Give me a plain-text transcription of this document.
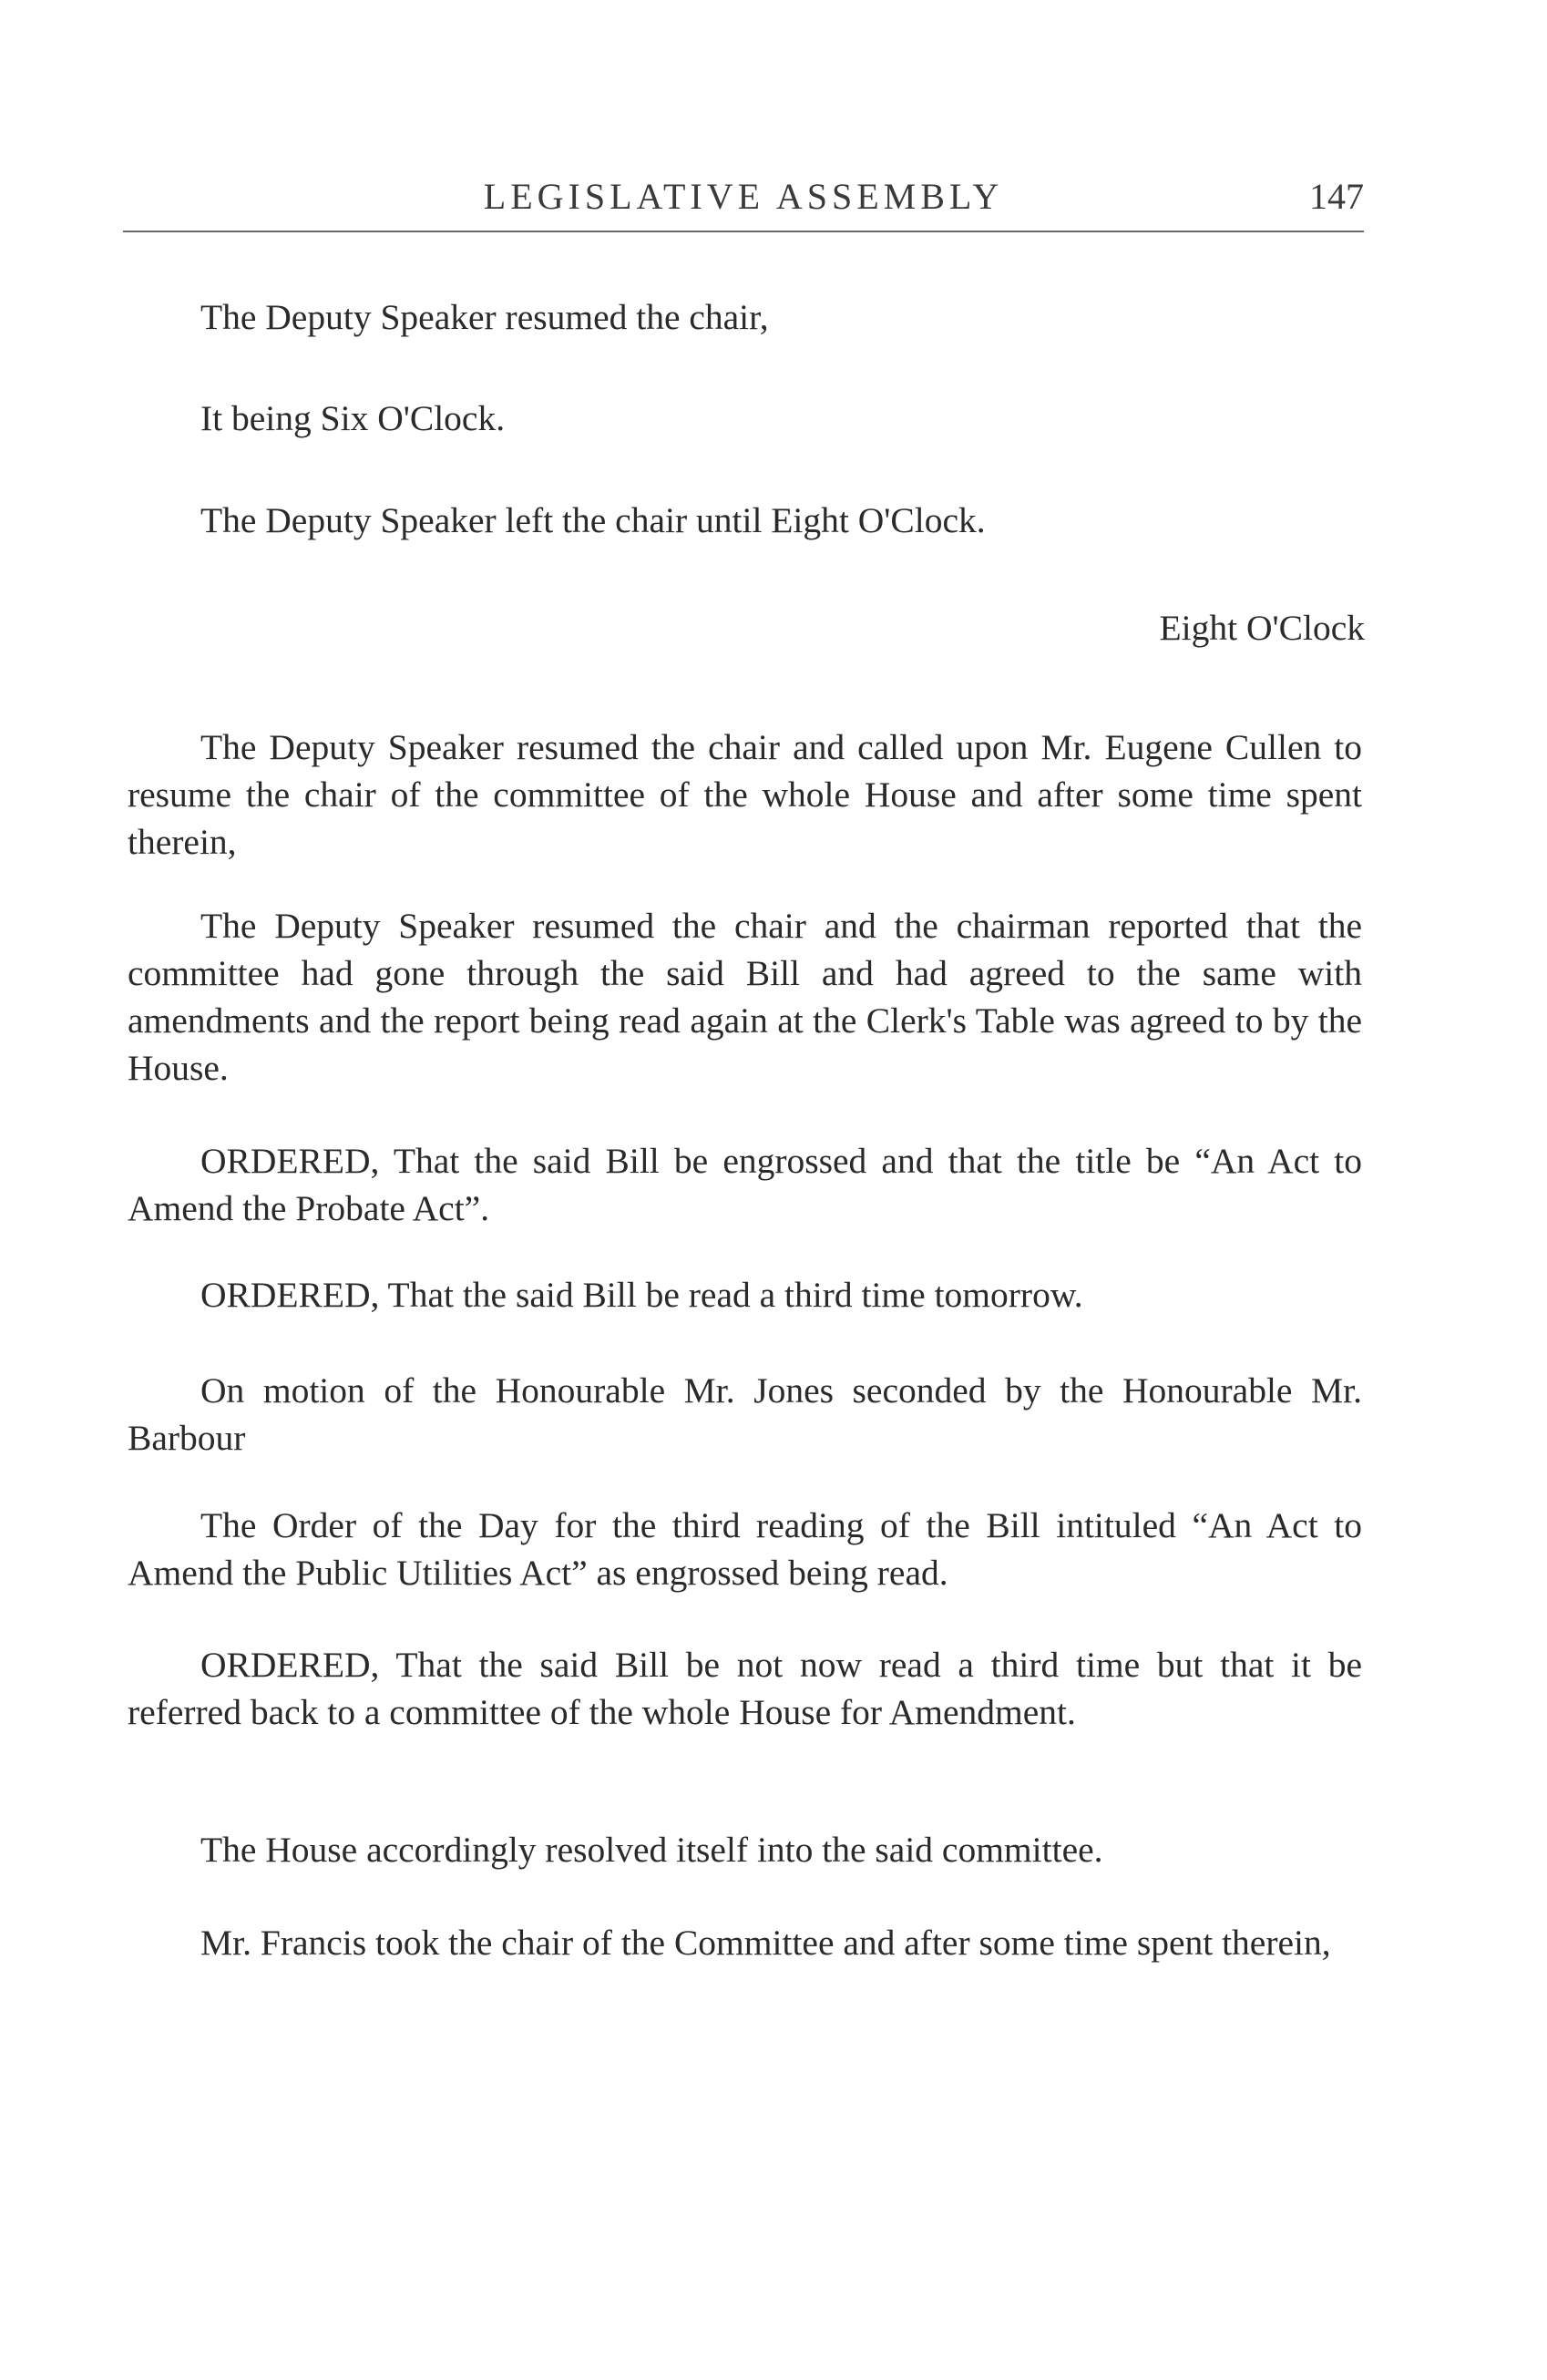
LEGISLATIVE ASSEMBLY	147

The Deputy Speaker resumed the chair,

It being Six O'Clock.

The Deputy Speaker left the chair until Eight O'Clock.

Eight O'Clock

The Deputy Speaker resumed the chair and called upon Mr. Eugene Cullen to resume the chair of the committee of the whole House and after some time spent therein,

The Deputy Speaker resumed the chair and the chairman reported that the committee had gone through the said Bill and had agreed to the same with amendments and the report being read again at the Clerk's Table was agreed to by the House.

ORDERED, That the said Bill be engrossed and that the title be “An Act to Amend the Probate Act”.

ORDERED, That the said Bill be read a third time tomorrow.

On motion of the Honourable Mr. Jones seconded by the Honourable Mr. Barbour

The Order of the Day for the third reading of the Bill intituled “An Act to Amend the Public Utilities Act” as engrossed being read.

ORDERED, That the said Bill be not now read a third time but that it be referred back to a committee of the whole House for Amendment.

The House accordingly resolved itself into the said committee.

Mr. Francis took the chair of the Committee and after some time spent therein,
